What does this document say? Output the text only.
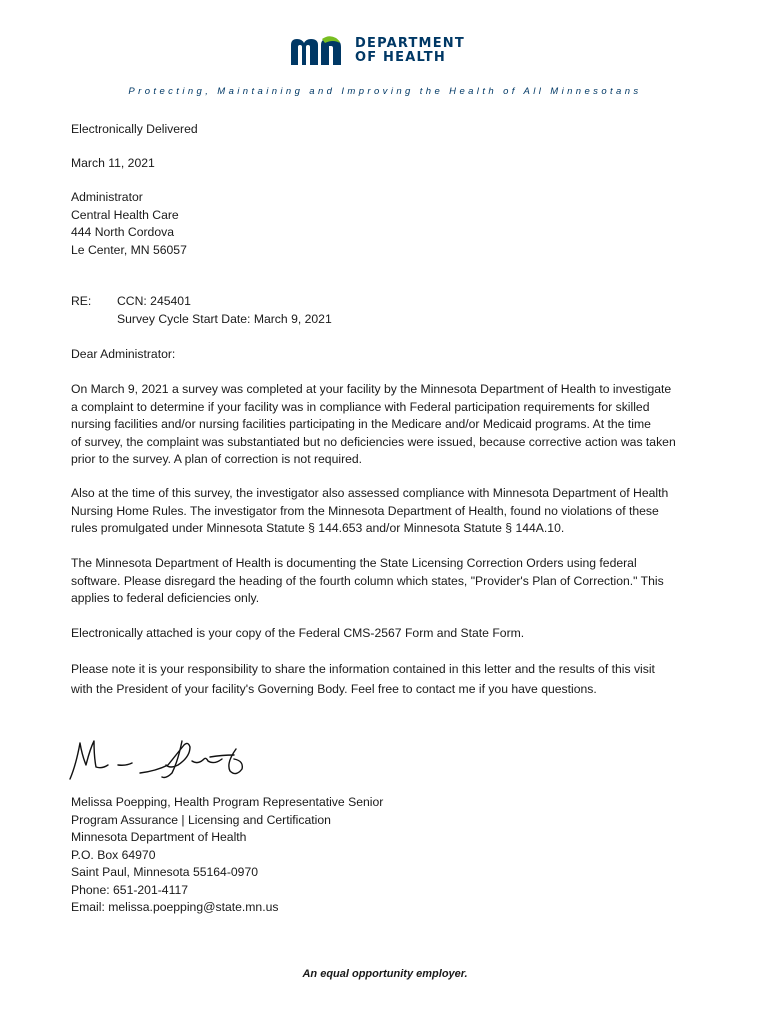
DEPARTMENT
OF HEALTH
Protecting, Maintaining and Improving the Health of All Minnesotans
Electronically Delivered
March 11, 2021
Administrator
Central Health Care
444 North Cordova
Le Center, MN 56057
RE: CCN: 245401
Survey Cycle Start Date: March 9, 2021
Dear Administrator:
On March 9, 2021 a survey was completed at your facility by the Minnesota Department of Health to investigate
a complaint to determine if your facility was in compliance with Federal participation requirements for skilled
nursing facilities and/or nursing facilities participating in the Medicare and/or Medicaid programs. At the time
of survey, the complaint was substantiated but no deficiencies were issued, because corrective action was taken
prior to the survey. A plan of correction is not required.
Also at the time of this survey, the investigator also assessed compliance with Minnesota Department of Health
Nursing Home Rules. The investigator from the Minnesota Department of Health, found no violations of these
rules promulgated under Minnesota Statute § 144.653 and/or Minnesota Statute § 144A.10.
The Minnesota Department of Health is documenting the State Licensing Correction Orders using federal
software. Please disregard the heading of the fourth column which states, "Provider's Plan of Correction." This
applies to federal deficiencies only.
Electronically attached is your copy of the Federal CMS-2567 Form and State Form.
Please note it is your responsibility to share the information contained in this letter and the results of this visit
with the President of your facility's Governing Body. Feel free to contact me if you have questions.
Melissa Poepping, Health Program Representative Senior
Program Assurance | Licensing and Certification
Minnesota Department of Health
P.O. Box 64970
Saint Paul, Minnesota 55164-0970
Phone: 651-201-4117
Email: melissa.poepping@state.mn.us
An equal opportunity employer.
